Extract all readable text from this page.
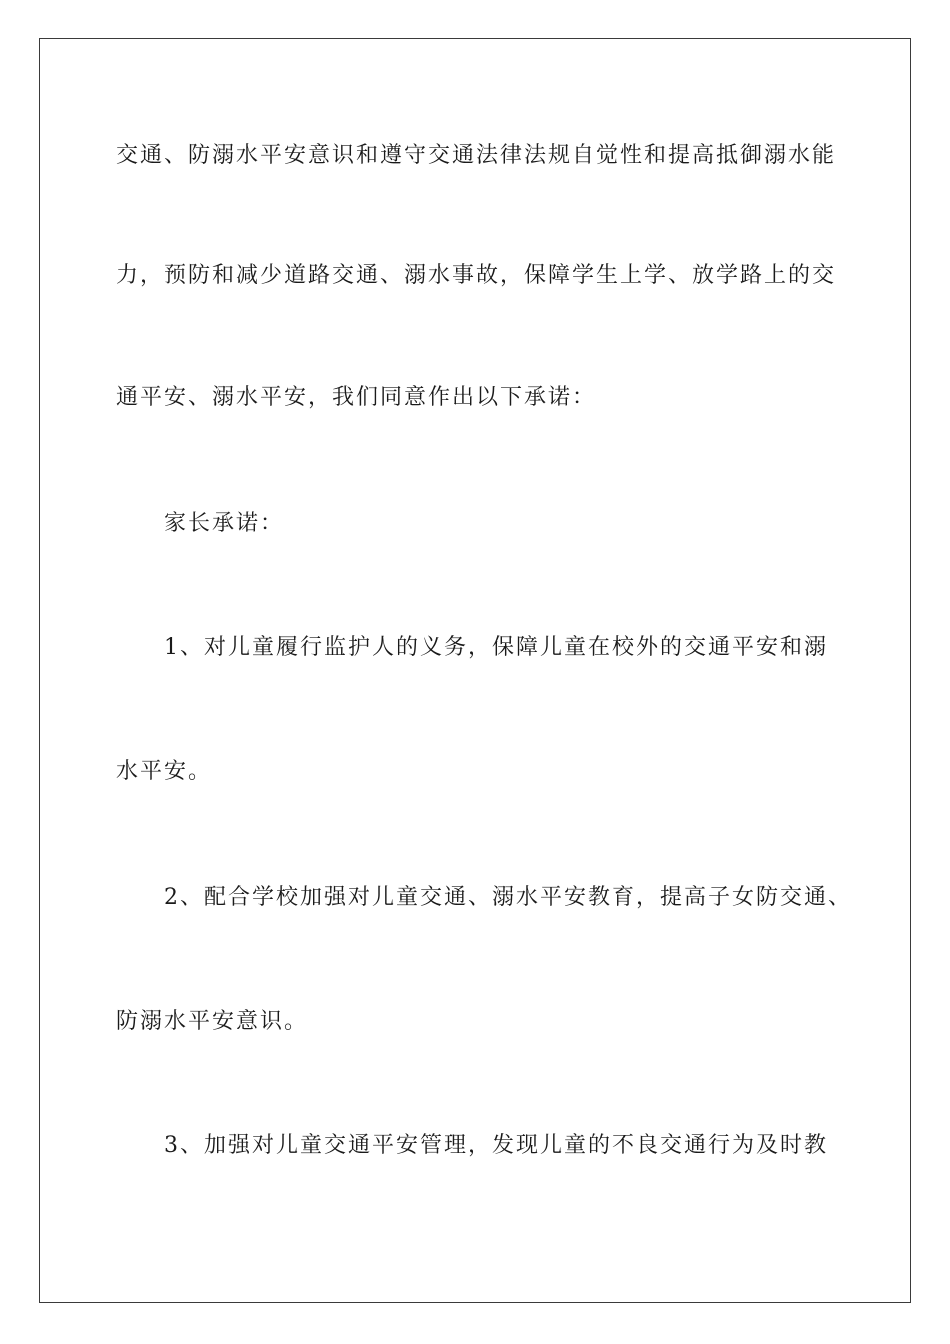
交通、防溺水平安意识和遵守交通法律法规自觉性和提高抵御溺水能
力，预防和减少道路交通、溺水事故，保障学生上学、放学路上的交
通平安、溺水平安，我们同意作出以下承诺：
家长承诺：
1、对儿童履行监护人的义务，保障儿童在校外的交通平安和溺
水平安。
2、配合学校加强对儿童交通、溺水平安教育，提高子女防交通、
防溺水平安意识。
3、加强对儿童交通平安管理，发现儿童的不良交通行为及时教
